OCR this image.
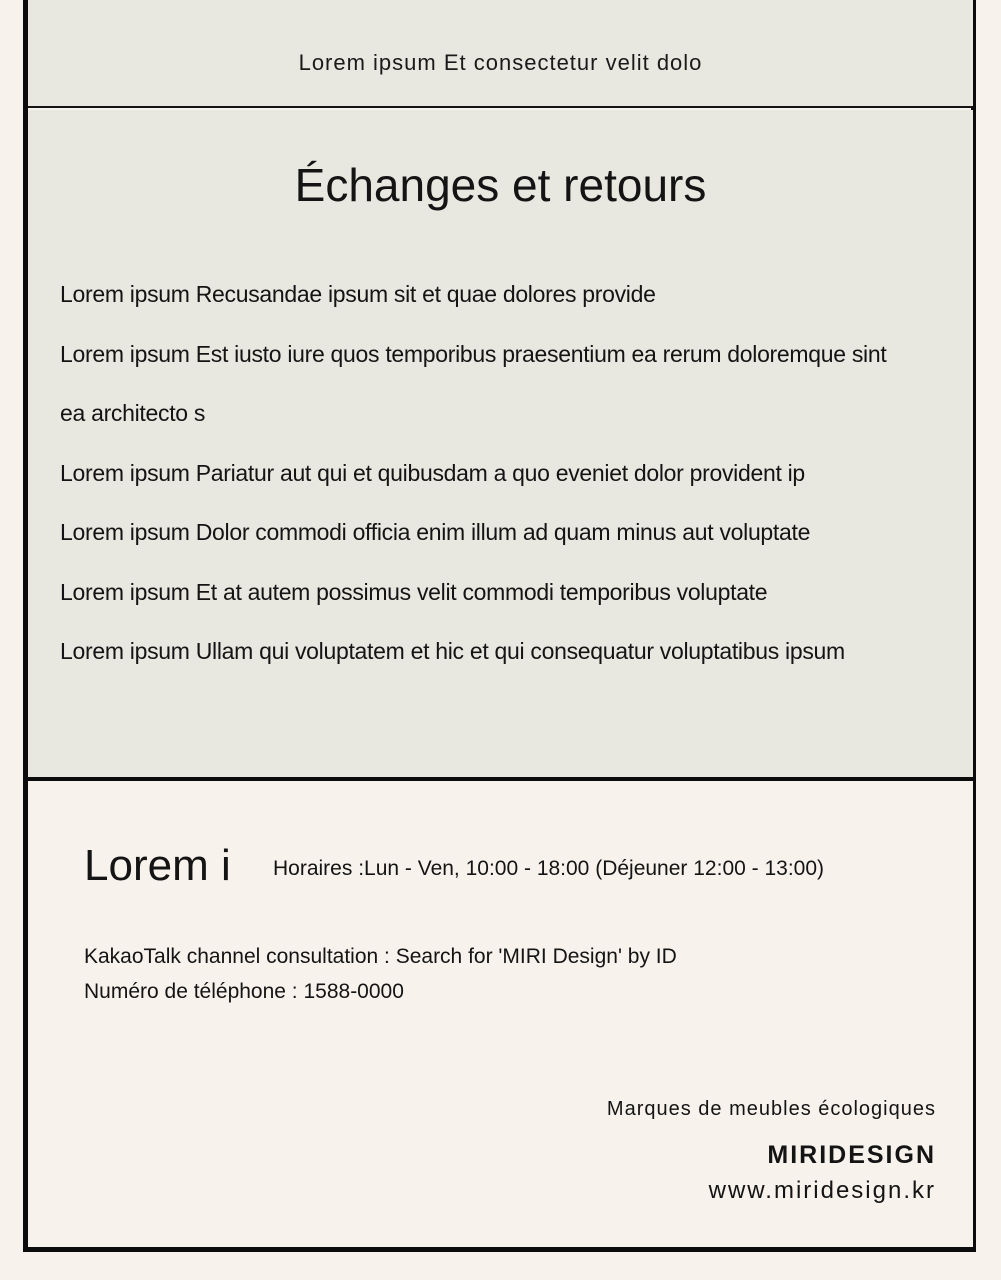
Lorem ipsum Et consectetur velit dolo
Échanges et retours
Lorem ipsum Recusandae ipsum sit et quae dolores provide
Lorem ipsum Est iusto iure quos temporibus praesentium ea rerum doloremque sint
ea architecto s
Lorem ipsum Pariatur aut qui et quibusdam a quo eveniet dolor provident ip
Lorem ipsum Dolor commodi officia enim illum ad quam minus aut voluptate
Lorem ipsum Et at autem possimus velit commodi temporibus voluptate
Lorem ipsum Ullam qui voluptatem et hic et qui consequatur voluptatibus ipsum
Lorem i Horaires :Lun - Ven, 10:00 - 18:00 (Déjeuner 12:00 - 13:00)
KakaoTalk channel consultation : Search for 'MIRI Design' by ID
Numéro de téléphone : 1588-0000
Marques de meubles écologiques
MIRIDESIGN
www.miridesign.kr
